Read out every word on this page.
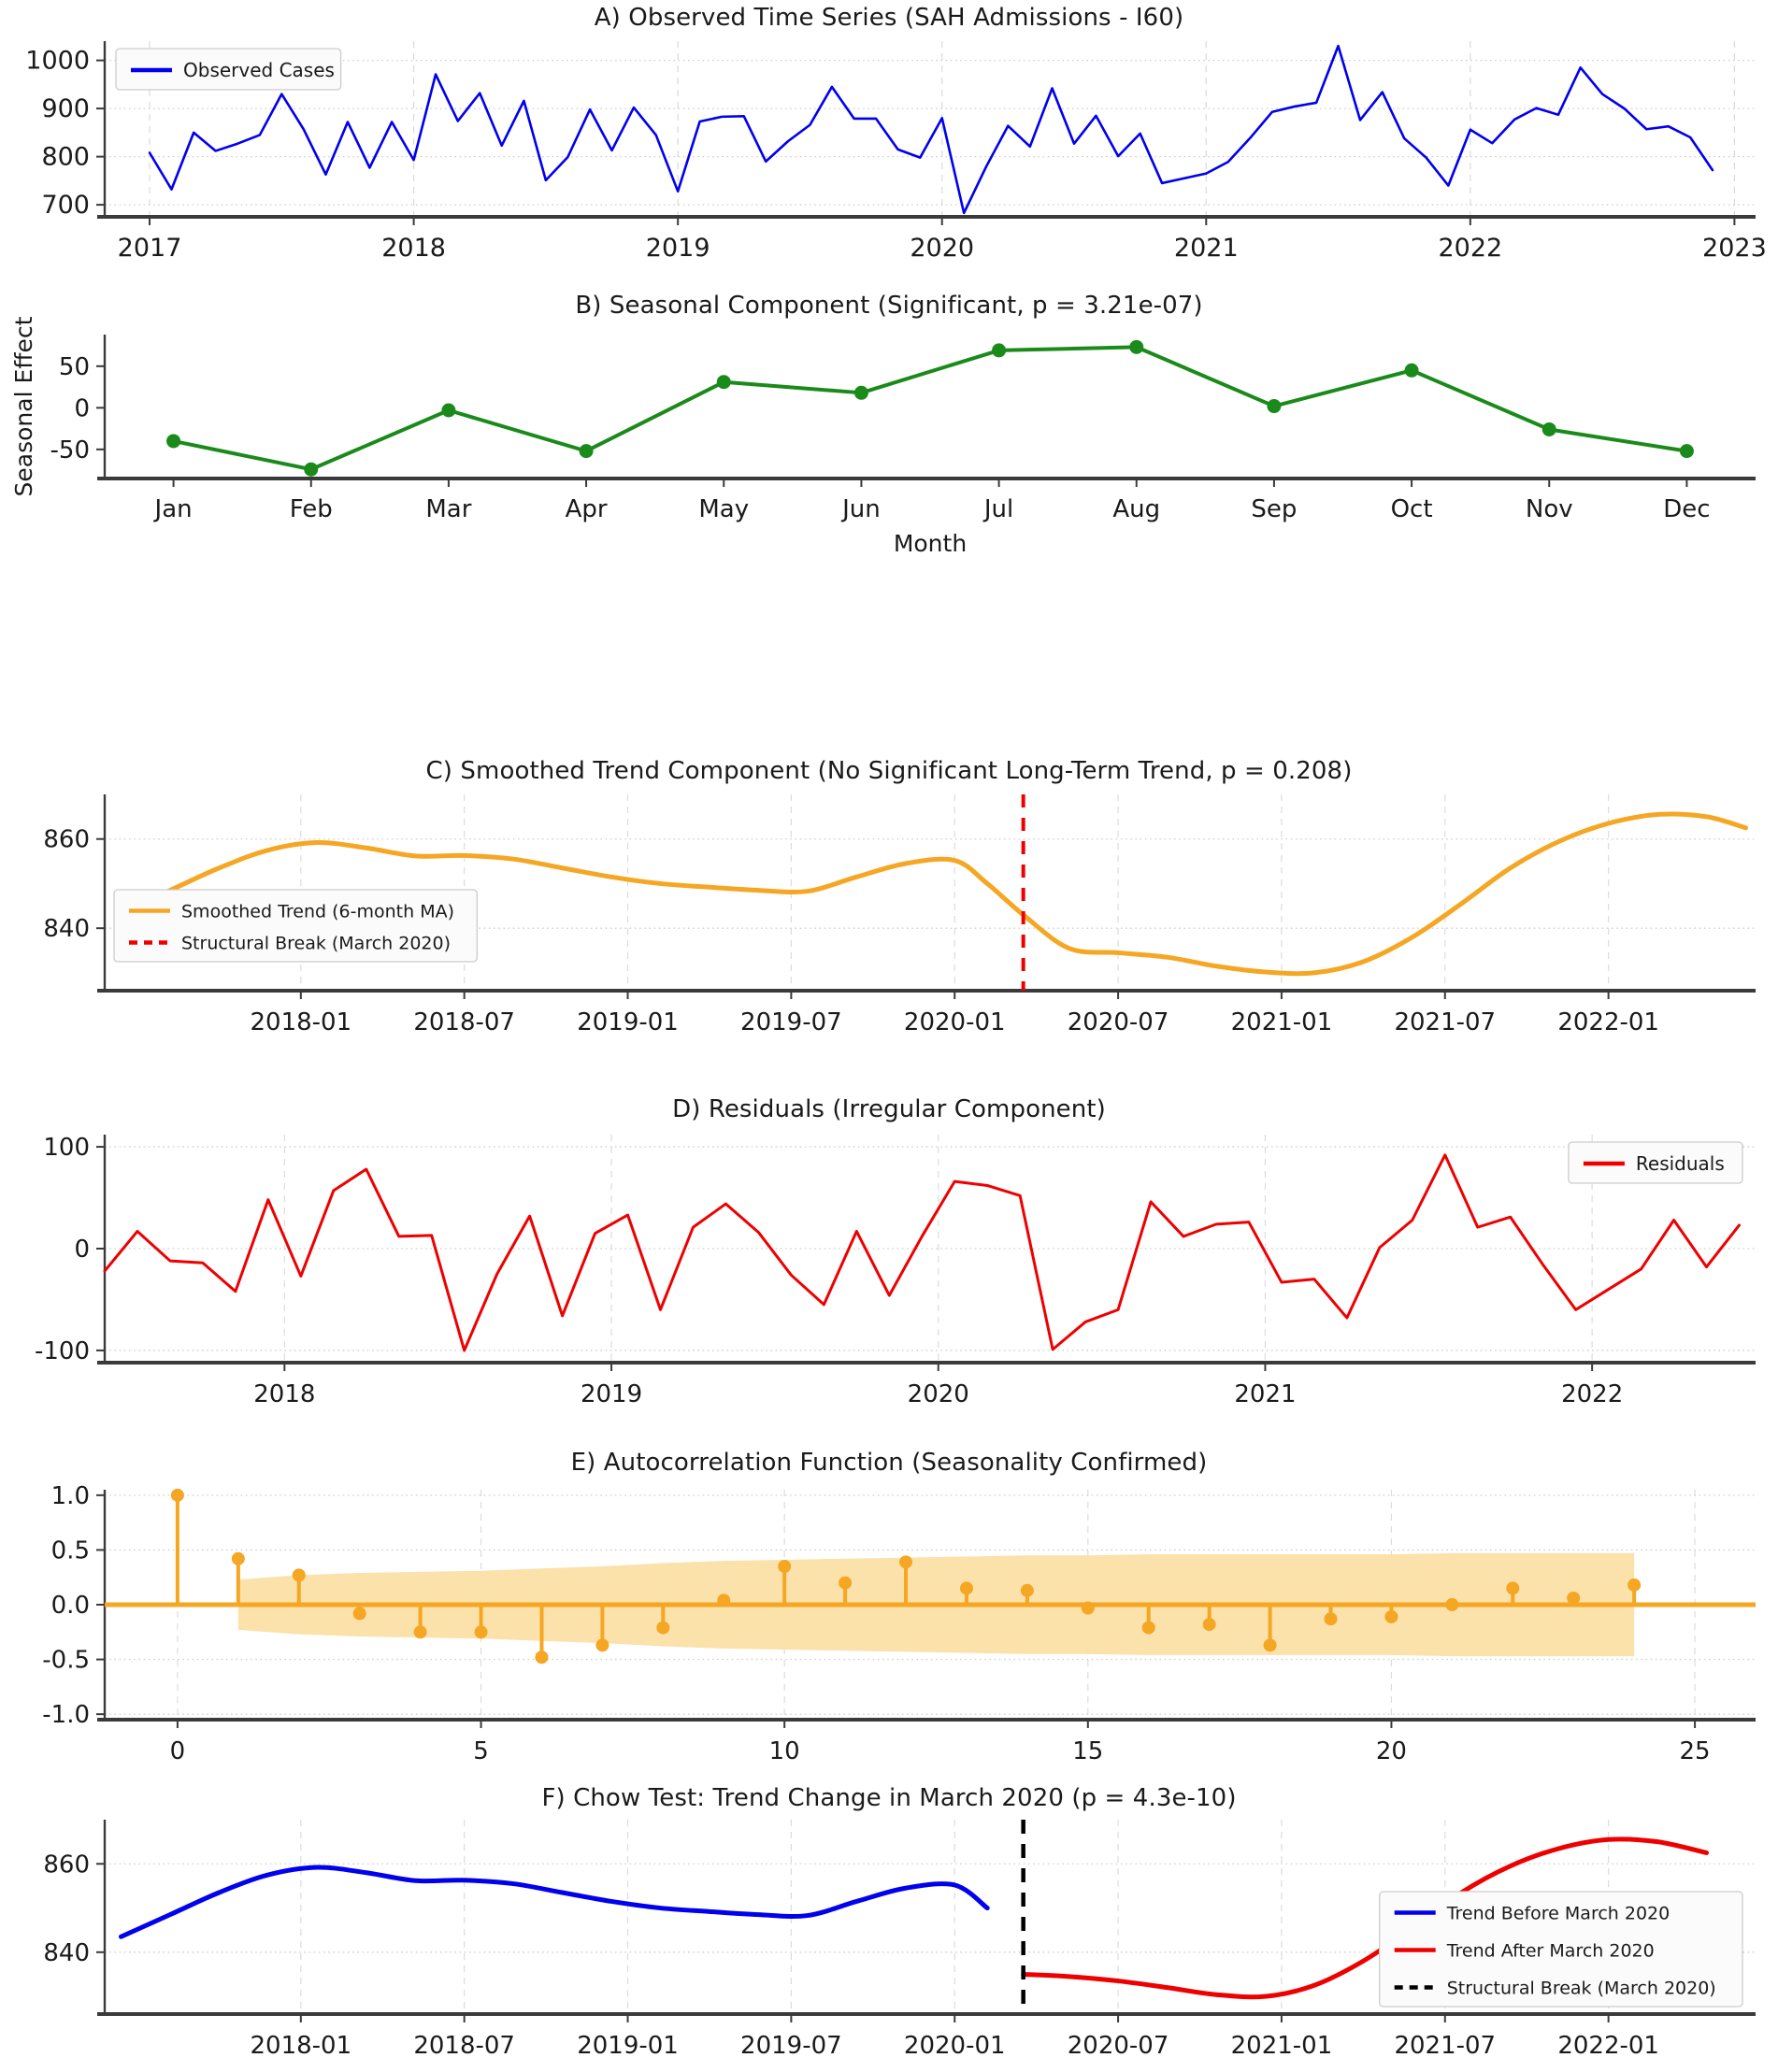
A) Observed Time Series (SAH Admissions - I60)
700
800
900
1000
2017	2018	2019	2020	2021	2022	2023
Observed Cases
B) Seasonal Component (Significant, p = 3.21e-07)
-50
0
50
Jan	Feb	Mar	Apr	May	Jun	Jul	Aug	Sep	Oct	Nov	Dec
Month
Seasonal Effect
C) Smoothed Trend Component (No Significant Long-Term Trend, p = 0.208)
840
860
2018-01	2018-07	2019-01	2019-07	2020-01	2020-07	2021-01	2021-07	2022-01
Smoothed Trend (6-month MA)
Structural Break (March 2020)
D) Residuals (Irregular Component)
-100
0
100
2018	2019	2020	2021	2022
Residuals
E) Autocorrelation Function (Seasonality Confirmed)
-1.0
-0.5
0.0
0.5
1.0
0	5	10	15	20	25
F) Chow Test: Trend Change in March 2020 (p = 4.3e-10)
840
860
2018-01	2018-07	2019-01	2019-07	2020-01	2020-07	2021-01	2021-07	2022-01
Trend Before March 2020
Trend After March 2020
Structural Break (March 2020)
